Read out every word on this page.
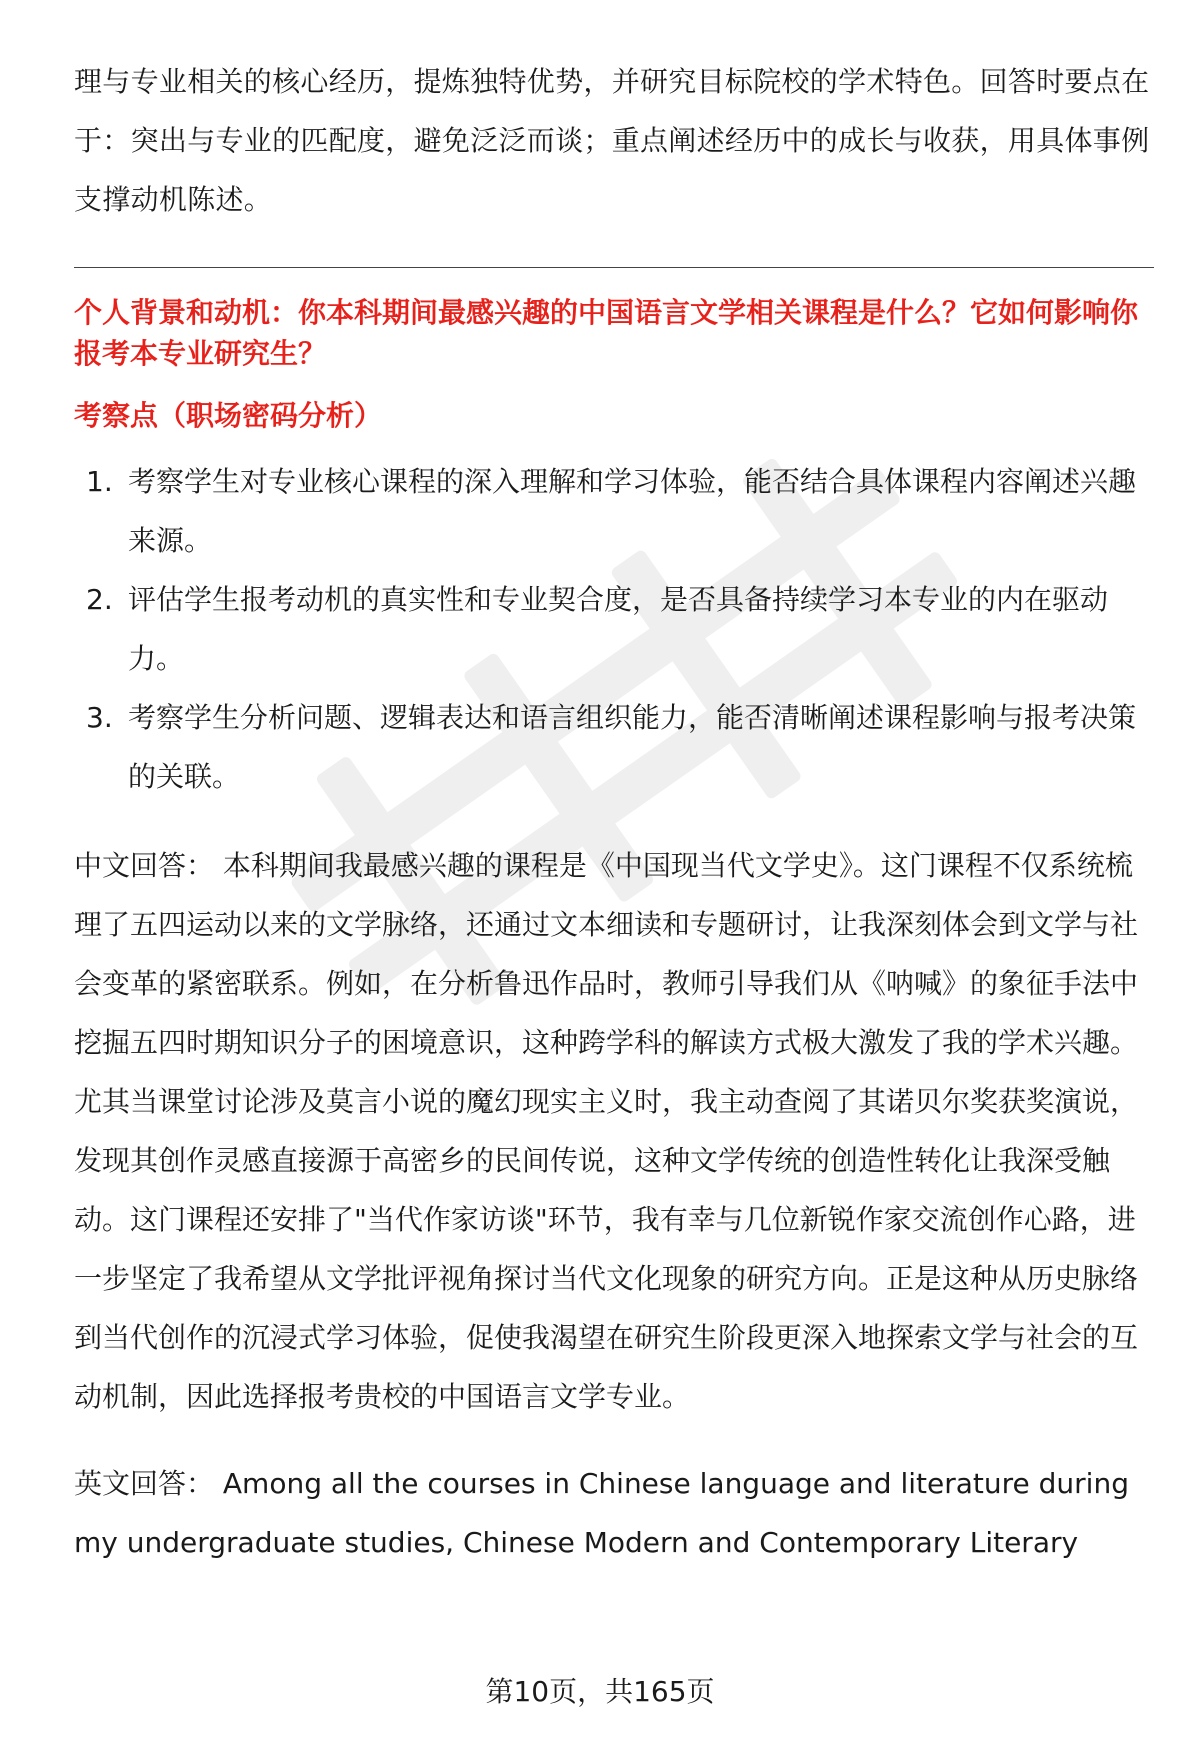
理与专业相关的核心经历，提炼独特优势，并研究目标院校的学术特色。回答时要点在于：突出与专业的匹配度，避免泛泛而谈；重点阐述经历中的成长与收获，用具体事例支撑动机陈述。

个人背景和动机：你本科期间最感兴趣的中国语言文学相关课程是什么？它如何影响你报考本专业研究生？

考察点（职场密码分析）

1. 考察学生对专业核心课程的深入理解和学习体验，能否结合具体课程内容阐述兴趣来源。
2. 评估学生报考动机的真实性和专业契合度，是否具备持续学习本专业的内在驱动力。
3. 考察学生分析问题、逻辑表达和语言组织能力，能否清晰阐述课程影响与报考决策的关联。

中文回答： 本科期间我最感兴趣的课程是《中国现当代文学史》。这门课程不仅系统梳理了五四运动以来的文学脉络，还通过文本细读和专题研讨，让我深刻体会到文学与社会变革的紧密联系。例如，在分析鲁迅作品时，教师引导我们从《呐喊》的象征手法中挖掘五四时期知识分子的困境意识，这种跨学科的解读方式极大激发了我的学术兴趣。尤其当课堂讨论涉及莫言小说的魔幻现实主义时，我主动查阅了其诺贝尔奖获奖演说，发现其创作灵感直接源于高密乡的民间传说，这种文学传统的创造性转化让我深受触动。这门课程还安排了"当代作家访谈"环节，我有幸与几位新锐作家交流创作心路，进一步坚定了我希望从文学批评视角探讨当代文化现象的研究方向。正是这种从历史脉络到当代创作的沉浸式学习体验，促使我渴望在研究生阶段更深入地探索文学与社会的互动机制，因此选择报考贵校的中国语言文学专业。

英文回答： Among all the courses in Chinese language and literature during my undergraduate studies, Chinese Modern and Contemporary Literary

第10页，共165页
